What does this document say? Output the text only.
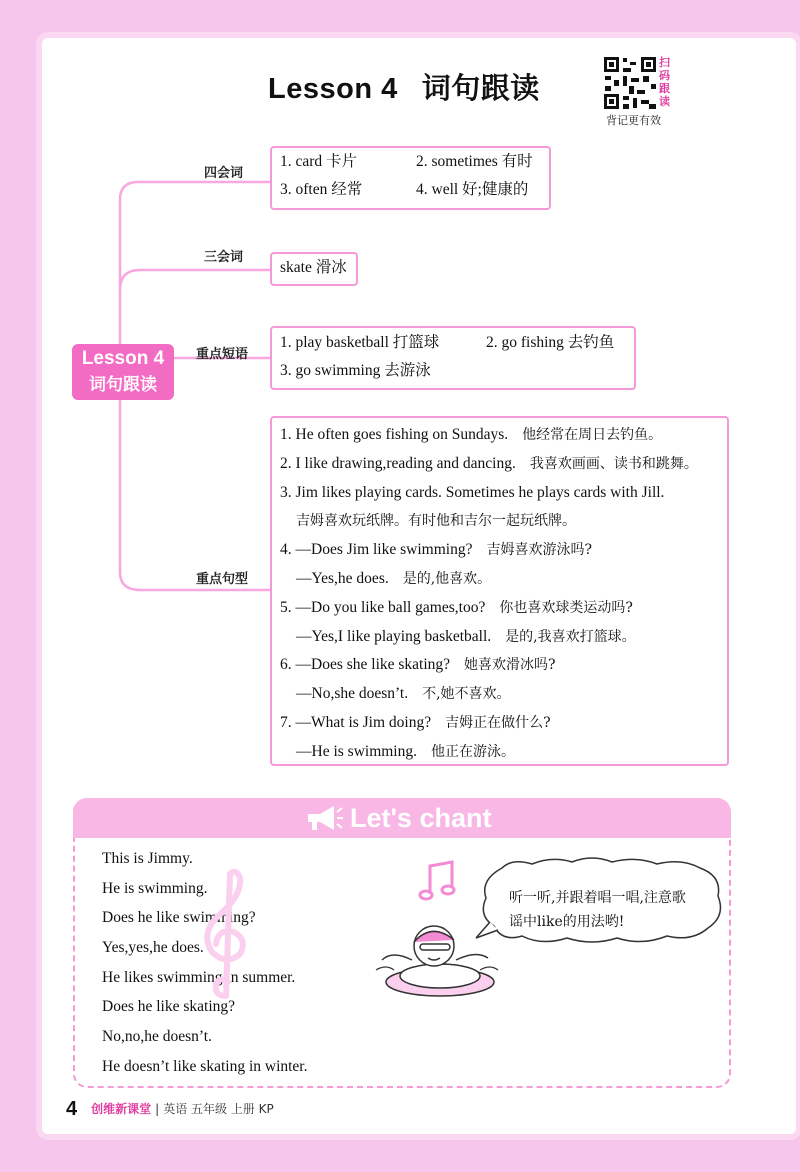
Lesson 4 词句跟读
扫码跟读
背记更有效
Lesson 4
词句跟读
四会词
三会词
重点短语
重点句型
1. card 卡片	2. sometimes 有时
3. often 经常	4. well 好;健康的
skate 滑冰
1. play basketball 打篮球	2. go fishing 去钓鱼
3. go swimming 去游泳
1. He often goes fishing on Sundays. 他经常在周日去钓鱼。
2. I like drawing,reading and dancing. 我喜欢画画、读书和跳舞。
3. Jim likes playing cards. Sometimes he plays cards with Jill.
吉姆喜欢玩纸牌。有时他和吉尔一起玩纸牌。
4. —Does Jim like swimming? 吉姆喜欢游泳吗?
—Yes,he does. 是的,他喜欢。
5. —Do you like ball games,too? 你也喜欢球类运动吗?
—Yes,I like playing basketball. 是的,我喜欢打篮球。
6. —Does she like skating? 她喜欢滑冰吗?
—No,she doesn’t. 不,她不喜欢。
7. —What is Jim doing? 吉姆正在做什么?
—He is swimming. 他正在游泳。
Let's chant
This is Jimmy.
He is swimming.
Does he like swimming?
Yes,yes,he does.
He likes swimming in summer.
Does he like skating?
No,no,he doesn’t.
He doesn’t like skating in winter.
听一听,并跟着唱一唱,注意歌谣中like的用法哟!
4 创维新课堂 | 英语 五年级 上册 KP
